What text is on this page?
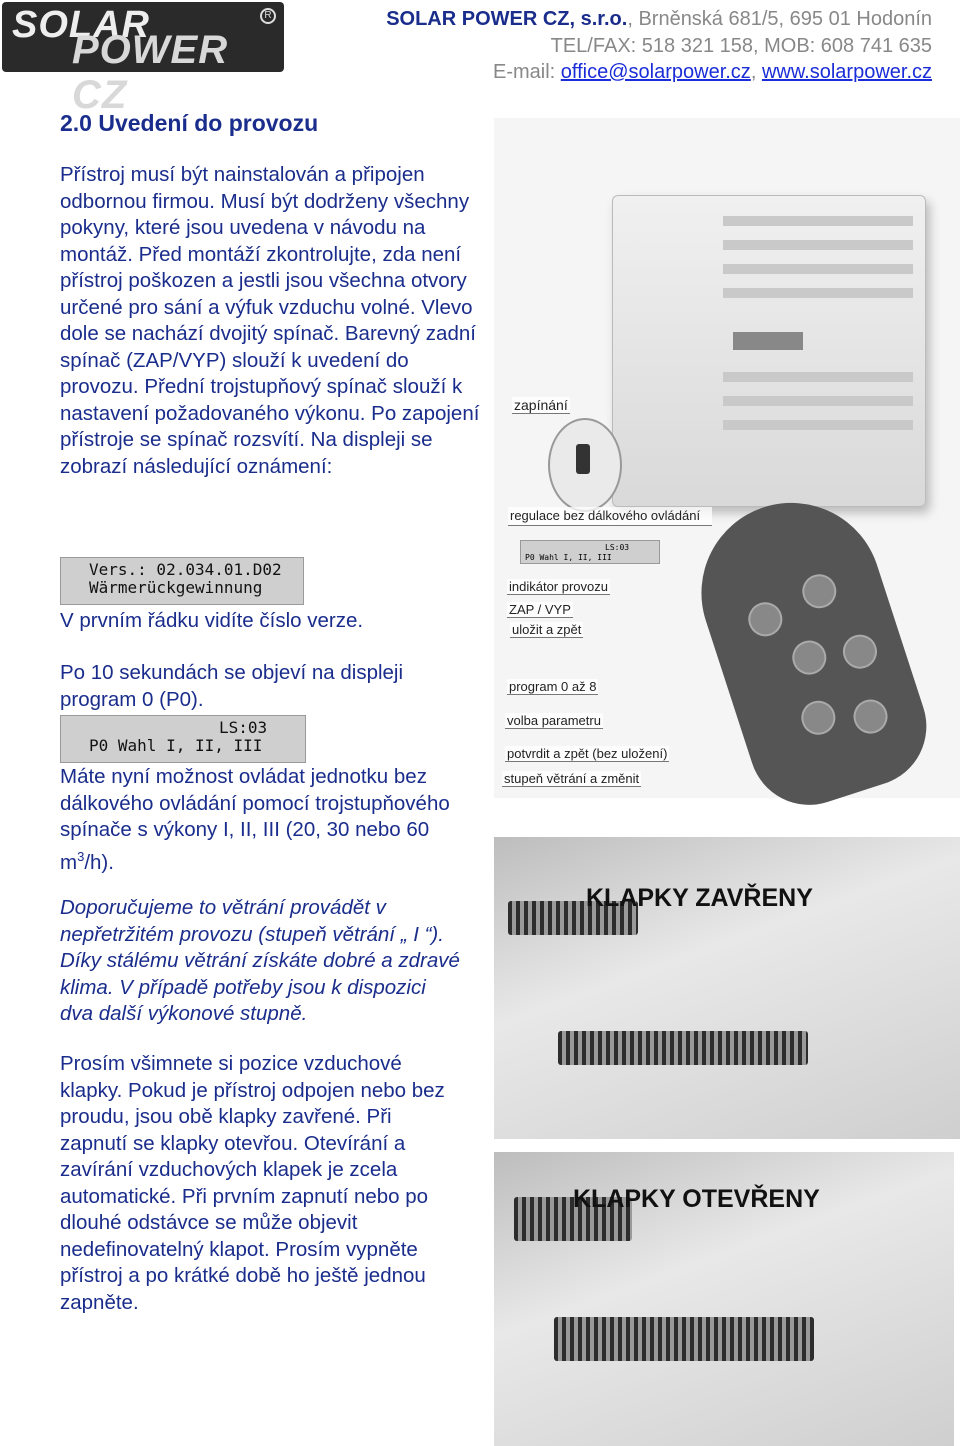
SOLAR
POWER CZ
R	SOLAR POWER CZ, s.r.o., Brněnská 681/5, 695 01 Hodonín
TEL/FAX: 518 321 158, MOB: 608 741 635
E-mail: office@solarpower.cz, www.solarpower.cz
2.0 Uvedení do provozu
Přístroj musí být nainstalován a připojen odbornou firmou. Musí být dodrženy všechny pokyny, které jsou uvedena v návodu na montáž. Před montáží zkontrolujte, zda není přístroj poškozen a jestli jsou všechna otvory určené pro sání a výfuk vzduchu volné. Vlevo dole se nachází dvojitý spínač. Barevný zadní spínač (ZAP/VYP) slouží k uvedení do provozu. Přední trojstupňový spínač slouží k nastavení požadovaného výkonu. Po zapojení přístroje se spínač rozsvítí. Na displeji se zobrazí následující oznámení:
Vers.: 02.034.01.D02
Wärmerückgewinnung
V prvním řádku vidíte číslo verze.
Po 10 sekundách se objeví na displeji program 0 (P0).
LS:03
P0 Wahl I, II, III
Máte nyní možnost ovládat jednotku bez dálkového ovládání pomocí trojstupňového spínače s výkony I, II, III (20, 30 nebo 60 $m^3/h$).
Doporučujeme to větrání provádět v nepřetržitém provozu (stupeň větrání „ I “). Díky stálému větrání získáte dobré a zdravé klima. V případě potřeby jsou k dispozici dva další výkonové stupně.
Prosím všimnete si pozice vzduchové klapky. Pokud je přístroj odpojen nebo bez proudu, jsou obě klapky zavřené. Při zapnutí se klapky otevřou. Otevírání a zavírání vzduchových klapek je zcela automatické. Při prvním zapnutí nebo po dlouhé odstávce se může objevit nedefinovatelný klapot. Prosím vypněte přístroj a po krátké době ho ještě jednou zapněte.
LS:03
P0 Wahl I, II, III
zapínání
regulace bez dálkového ovládání
indikátor provozu
ZAP / VYP
uložit a zpět
program 0 až 8
volba parametru
potvrdit a zpět (bez uložení)
stupeň větrání a změnit
KLAPKY ZAVŘENY
KLAPKY OTEVŘENY
